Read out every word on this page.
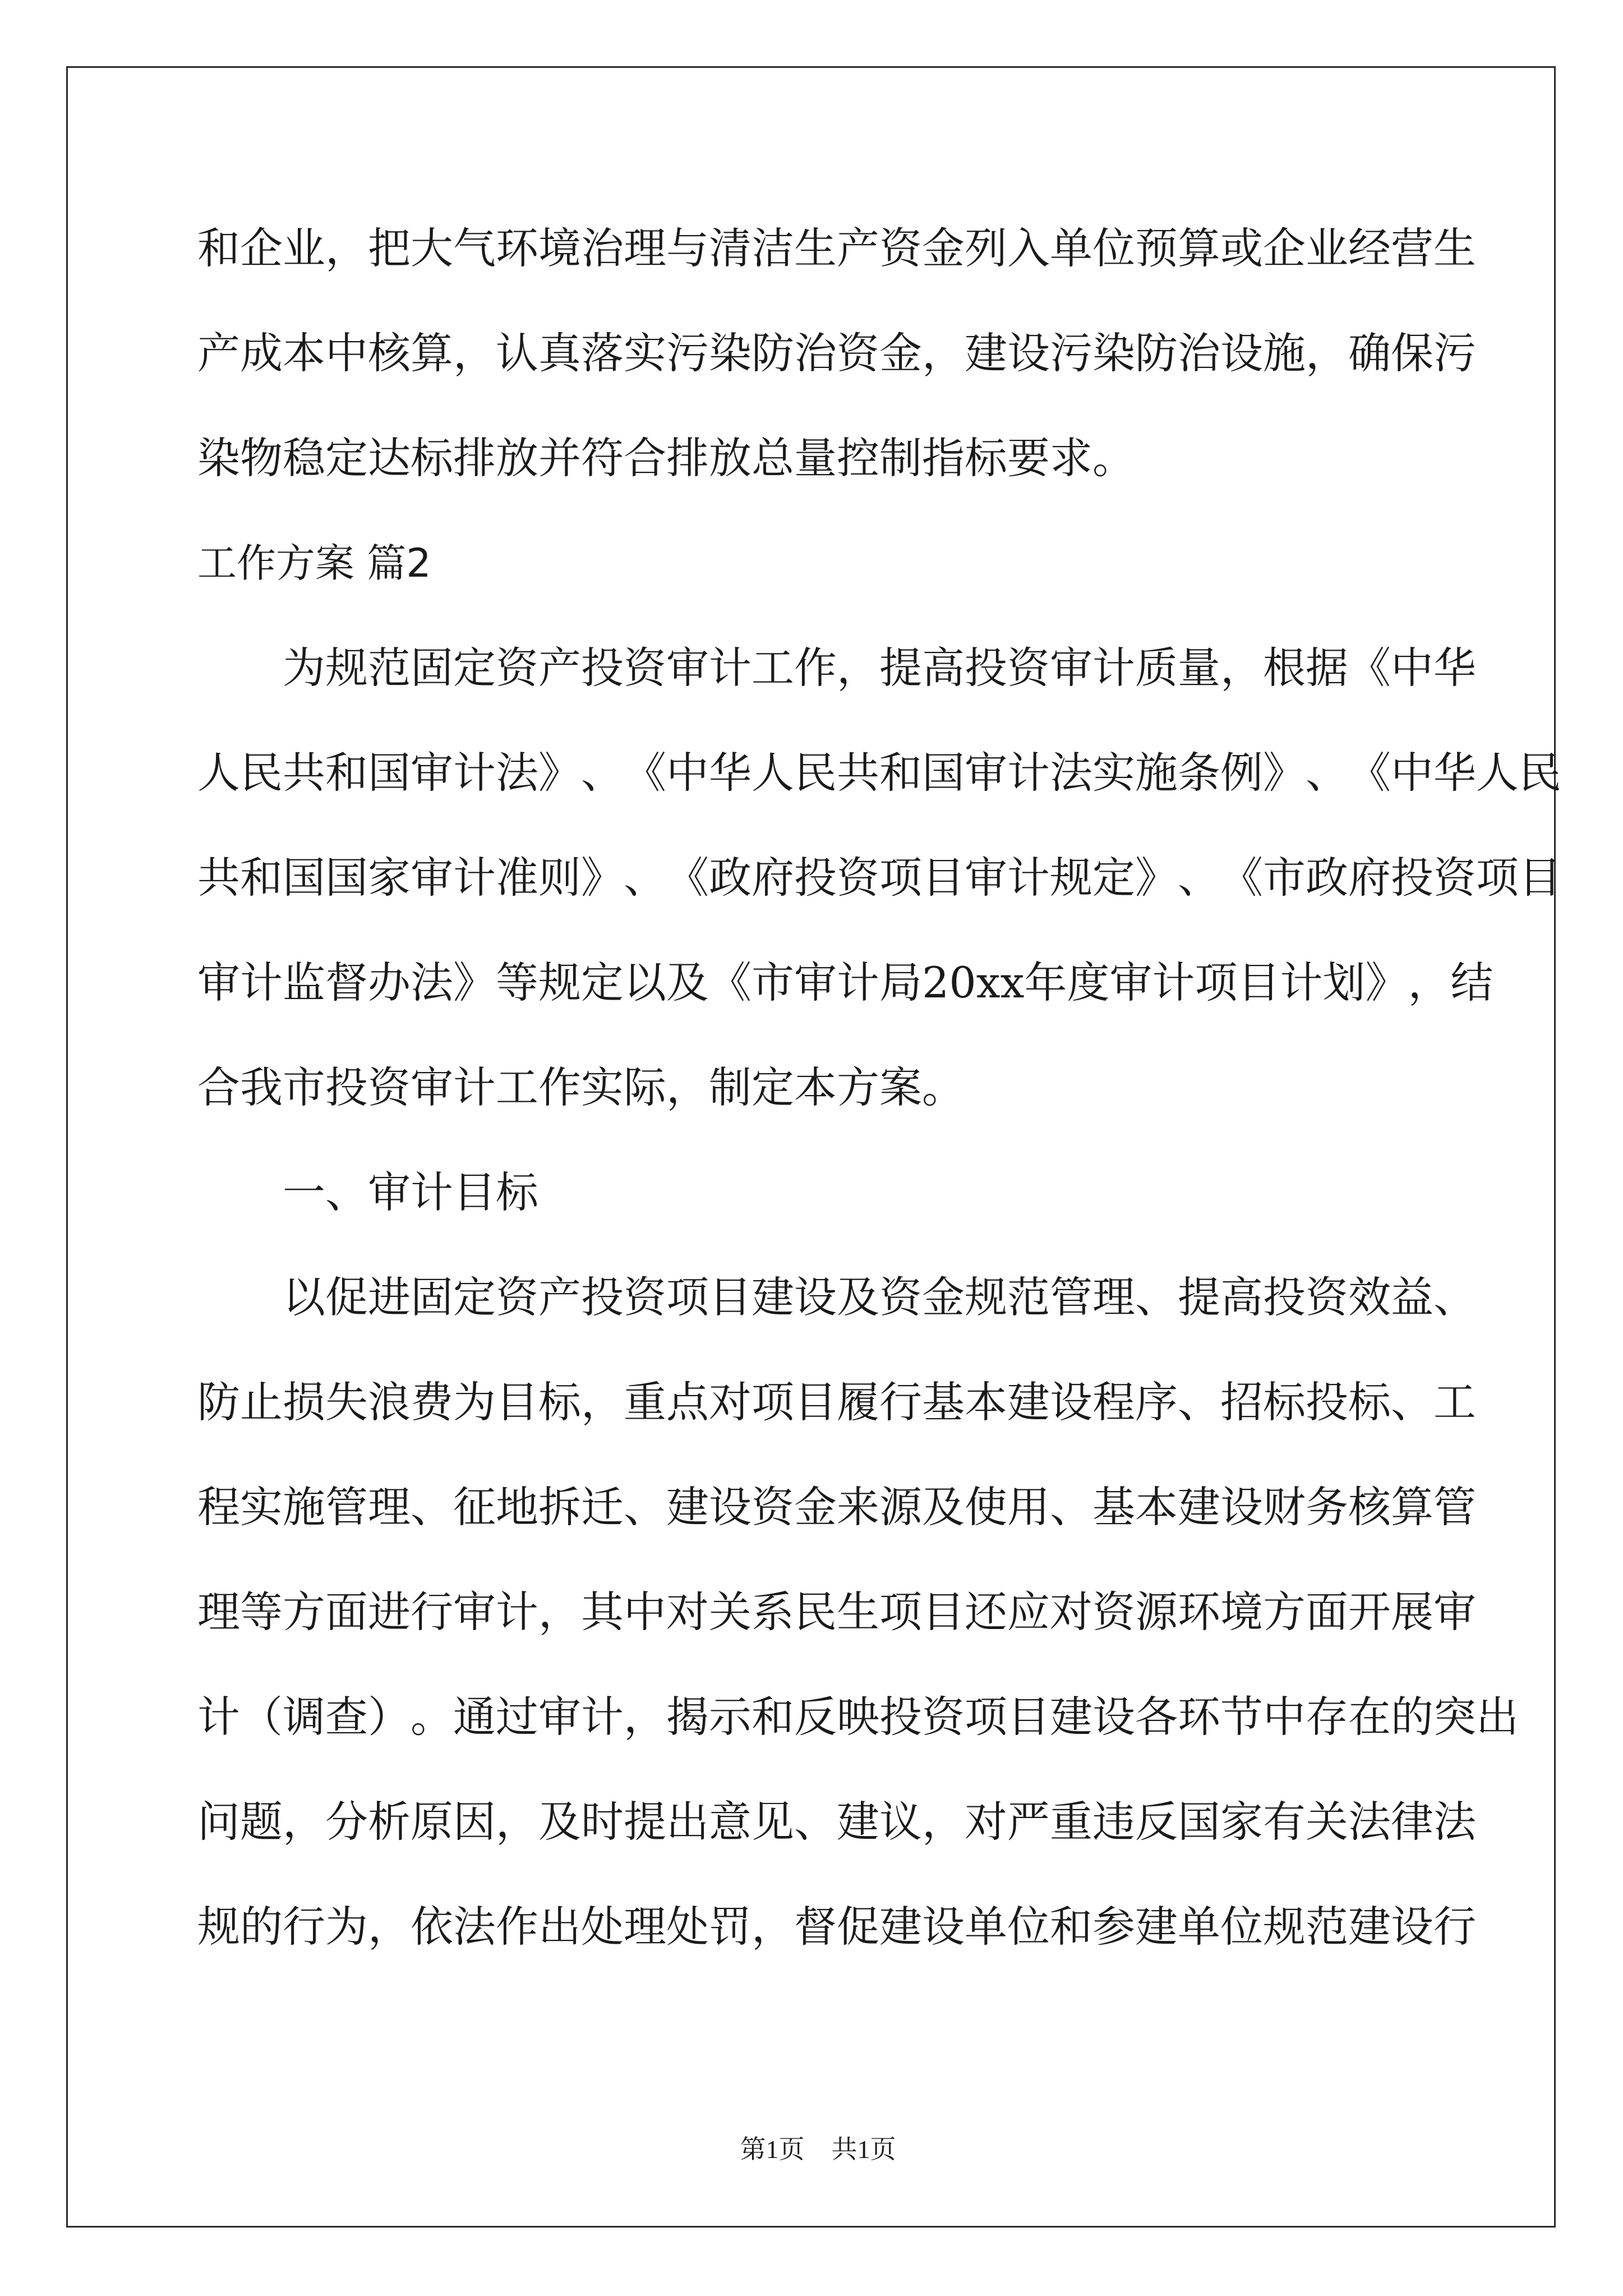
和 企 业 ， 把 大 气 环 境 治 理 与 清 洁 生 产 资 金 列 入 单 位 预 算 或 企 业 经 营 生
产 成 本 中 核 算 ， 认 真 落 实 污 染 防 治 资 金 ， 建 设 污 染 防 治 设 施 ， 确 保 污
染物稳定达标排放并符合排放总量控制指标要求。
工作方案 篇2
为 规 范 固 定 资 产 投 资 审 计 工 作 ， 提 高 投 资 审 计 质 量 ， 根 据 《 中 华
人 民 共 和 国 审 计 法 》 、 《 中 华 人 民 共 和 国 审 计 法 实 施 条 例 》 、 《 中 华 人 民
共 和 国 国 家 审 计 准 则 》 、 《 政 府 投 资 项 目 审 计 规 定 》 、 《 市 政 府 投 资 项 目
审 计 监 督 办 法 》 等 规 定 以 及 《 市 审 计 局 2 0 x x 年 度 审 计 项 目 计 划 》 ， 结
合我市投资审计工作实际，制定本方案。
一、审计目标
以 促 进 固 定 资 产 投 资 项 目 建 设 及 资 金 规 范 管 理 、 提 高 投 资 效 益 、
防 止 损 失 浪 费 为 目 标 ， 重 点 对 项 目 履 行 基 本 建 设 程 序 、 招 标 投 标 、 工
程 实 施 管 理 、 征 地 拆 迁 、 建 设 资 金 来 源 及 使 用 、 基 本 建 设 财 务 核 算 管
理 等 方 面 进 行 审 计 ， 其 中 对 关 系 民 生 项 目 还 应 对 资 源 环 境 方 面 开 展 审
计 （ 调 查 ） 。 通 过 审 计 ， 揭 示 和 反 映 投 资 项 目 建 设 各 环 节 中 存 在 的 突 出
问 题 ， 分 析 原 因 ， 及 时 提 出 意 见 、 建 议 ， 对 严 重 违 反 国 家 有 关 法 律 法
规 的 行 为 ， 依 法 作 出 处 理 处 罚 ， 督 促 建 设 单 位 和 参 建 单 位 规 范 建 设 行

第1页 共1页
